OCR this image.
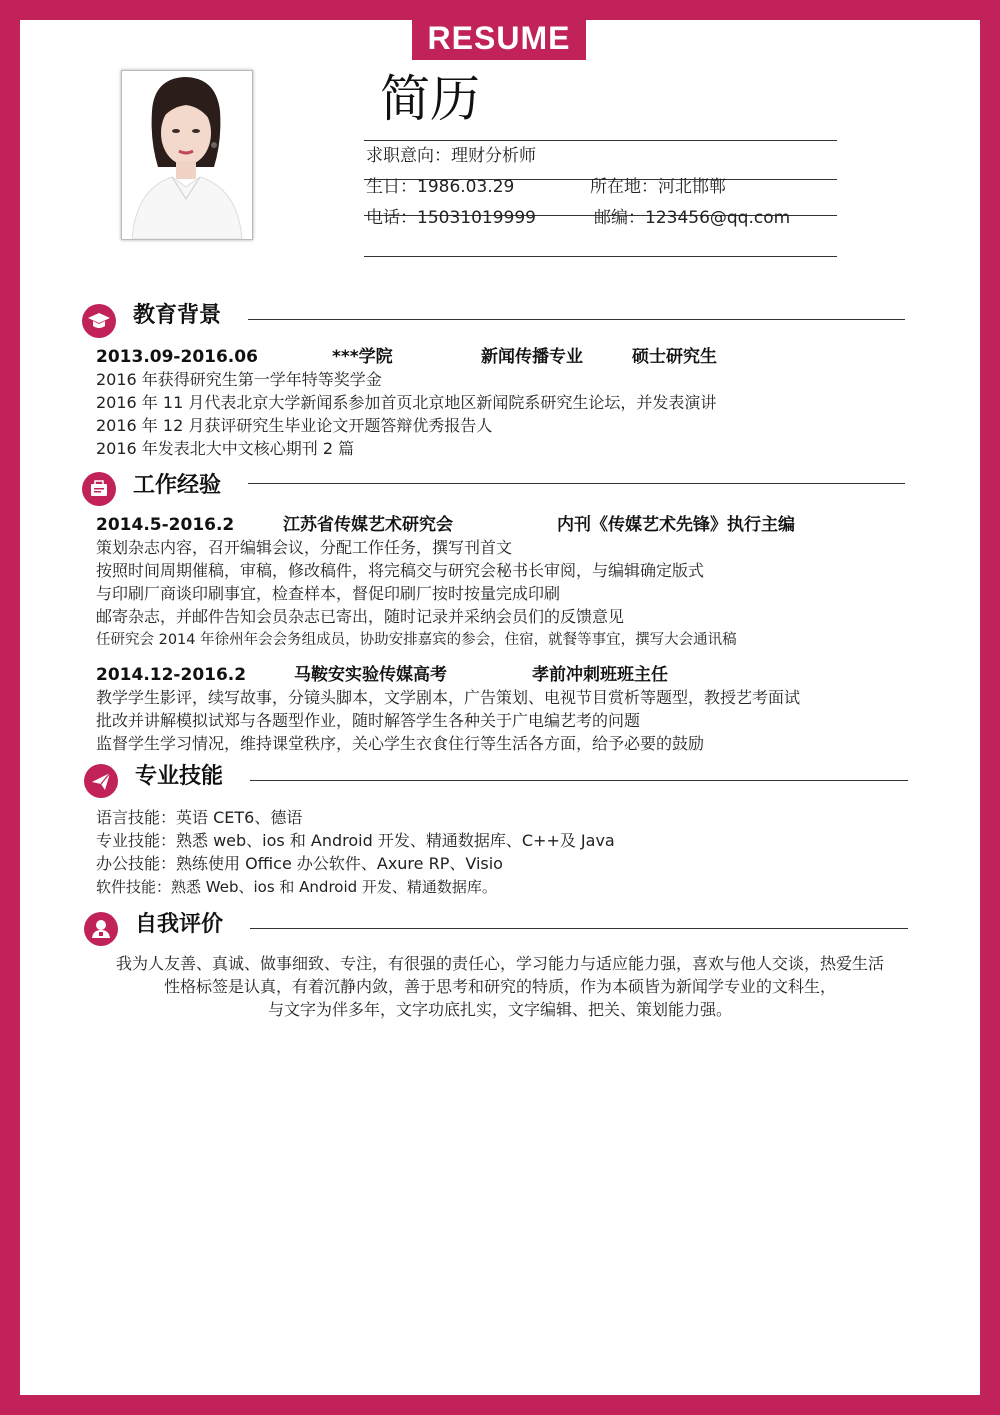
RESUME
简历
求职意向：理财分析师
生日：1986.03.29	所在地：河北邯郸
电话：15031019999	邮编：123456@qq.com
教育背景
2013.09-2016.06	***学院	新闻传播专业	硕士研究生
2016 年获得研究生第一学年特等奖学金
2016 年 11 月代表北京大学新闻系参加首页北京地区新闻院系研究生论坛，并发表演讲
2016 年 12 月获评研究生毕业论文开题答辩优秀报告人
2016 年发表北大中文核心期刊 2 篇
工作经验
2014.5-2016.2	江苏省传媒艺术研究会	内刊《传媒艺术先锋》执行主编
策划杂志内容，召开编辑会议，分配工作任务，撰写刊首文
按照时间周期催稿，审稿，修改稿件，将完稿交与研究会秘书长审阅，与编辑确定版式
与印刷厂商谈印刷事宜，检查样本，督促印刷厂按时按量完成印刷
邮寄杂志，并邮件告知会员杂志已寄出，随时记录并采纳会员们的反馈意见
任研究会 2014 年徐州年会会务组成员，协助安排嘉宾的参会，住宿，就餐等事宜，撰写大会通讯稿
2014.12-2016.2	马鞍安实验传媒高考	孝前冲刺班班主任
教学学生影评，续写故事，分镜头脚本，文学剧本，广告策划、电视节目赏析等题型，教授艺考面试
批改并讲解模拟试郑与各题型作业，随时解答学生各种关于广电编艺考的问题
监督学生学习情况，维持课堂秩序，关心学生衣食住行等生活各方面，给予必要的鼓励
专业技能
语言技能：英语 CET6、德语
专业技能：熟悉 web、ios 和 Android 开发、精通数据库、C++及 Java
办公技能：熟练使用 Office 办公软件、Axure RP、Visio
软件技能：熟悉 Web、ios 和 Android 开发、精通数据库。
自我评价
我为人友善、真诚、做事细致、专注，有很强的责任心，学习能力与适应能力强，喜欢与他人交谈，热爱生活
性格标签是认真，有着沉静内敛，善于思考和研究的特质，作为本硕皆为新闻学专业的文科生，
与文字为伴多年，文字功底扎实，文字编辑、把关、策划能力强。
